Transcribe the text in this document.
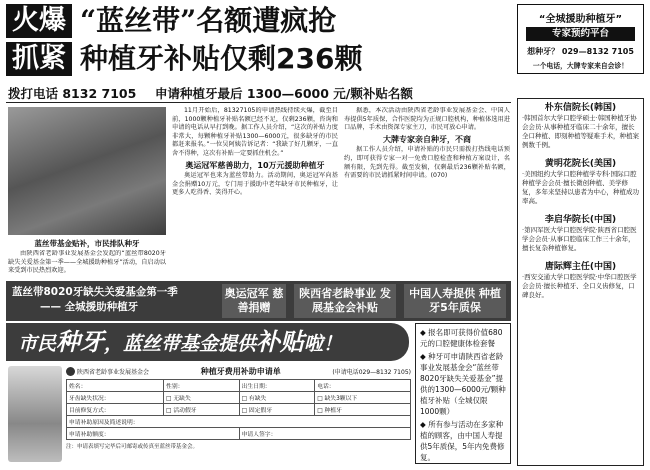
火爆
抓紧
“蓝丝带”名额遭疯抢
种植牙补贴仅剩236颗
拨打电话 8132 7105 申请种植牙最后 1300—6000 元/颗补贴名额
“全城援助种植牙”
专家预约平台
想种牙？ 029—8132 7105
一个电话，大牌专家来自会诊！
朴东信院长(韩国)
·韩国首尔大学口腔学硕士·韩国种植牙协会会员·从事种植牙临床二十余年，擅长全口种植、即刻种植等疑难手术，种植案例数千例。
黄明花院长(美国)
·美国纽约大学口腔种植学专科·国际口腔种植学会会员·擅长微创种植、美学修复，多年来坚持以患者为中心，种植成功率高。
李启华院长(中国)
·第四军医大学口腔医学院·陕西省口腔医学会会员·从事口腔临床工作三十余年，擅长复杂种植修复。
唐际辉主任(中国)
·西安交通大学口腔医学院·中华口腔医学会会员·擅长种植牙、全口义齿修复，口碑良好。
蓝丝带基金贴补，市民排队种牙

由陕西省老龄事业发展基金会发起的“蓝丝带8020牙缺失关爱基金第一季——全城援助种植牙”活动，自启动以来受到市民热烈欢迎。

11月开始后，81327105的申请热线持续火爆，截至目前，1000颗种植牙补贴名额已经不足，仅剩236颗，咨询和申请的电话从早打到晚。据工作人员介绍，“这次的补贴力度非常大，每颗种植牙补贴1300—6000元，很多缺牙的市民都赶来报名。”一位吴阿姨告诉记者：“我缺了好几颗牙，一直舍不得种，这次有补贴一定要抓住机会。”

奥运冠军慈善助力，10万元援助种植牙

奥运冠军也来为蓝丝带助力。活动期间，奥运冠军向基金会捐赠10万元，专门用于援助中老年缺牙市民种植牙，让更多人吃得香、笑得开心。

据悉，本次活动由陕西省老龄事业发展基金会、中国人寿提供5年质保，合作医院均为正规口腔机构，种植体选用进口品牌，手术由资深专家主刀，市民可放心申请。

大牌专家亲自种牙，不商

据工作人员介绍，申请补贴的市民只需拨打热线电话预约，即可获得专家一对一免费口腔检查和种植方案设计，名额有限，先到先得。截至发稿，仅剩最后236颗补贴名额，有需要的市民请抓紧时间申请。(070)

蓝丝带8020牙缺失关爱基金第一季
—— 全城援助种植牙
奥运冠军 慈善捐赠
陕西省老龄事业 发展基金会补贴
中国人寿提供 种植牙5年质保
市民种牙，蓝丝带基金提供补贴啦！
陕西省老龄事业发展基金会	种植牙费用补助申请单	(申请电话029—8132 7105)
姓名：	性别：	出生日期：	电话：
牙齿缺失状况：	□ 无缺失	□ 有缺失	□ 缺失3颗以下
目前修复方式：	□ 活动假牙	□ 固定假牙	□ 种植牙
申请补助原因及简述说明：			
申请补助额度：		申请人签字：	
注：申请表填写完毕后可邮寄或传真至蓝丝带基金会。
◆ 报名即可获得价值680元的口腔健康体检套餐
◆ 种牙可申请陕西省老龄事业发展基金会“蓝丝带8020牙缺失关爱基金”提供的1300—6000元/颗种植牙补贴（全城仅限1000颗）
◆ 所有参与活动在多家种植的顾客，由中国人寿提供5年质保，5年内免费修复。
